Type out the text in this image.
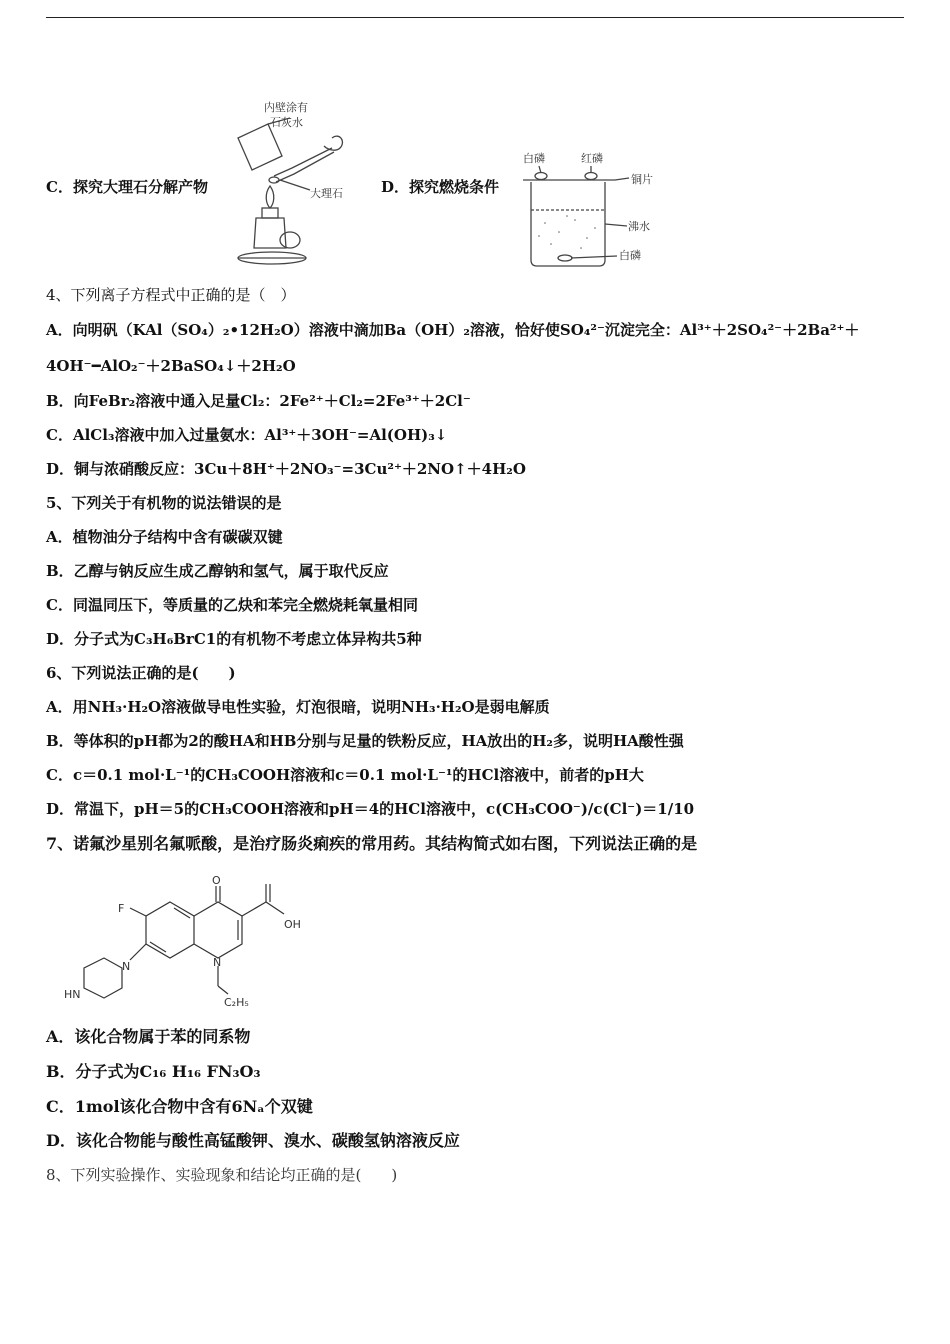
C．探究大理石分解产物
内壁涂有
石灰水
大理石	D．探究燃烧条件
白磷	红磷
铜片
沸水
白磷
4、下列离子方程式中正确的是（　）
A．向明矾（KAl（SO₄）₂•12H₂O）溶液中滴加Ba（OH）₂溶液，恰好使SO₄²⁻沉淀完全：Al³⁺＋2SO₄²⁻＋2Ba²⁺＋
4OH⁻━AlO₂⁻＋2BaSO₄↓＋2H₂O
B．向FeBr₂溶液中通入足量Cl₂：2Fe²⁺＋Cl₂=2Fe³⁺＋2Cl⁻
C．AlCl₃溶液中加入过量氨水：Al³⁺＋3OH⁻=Al(OH)₃↓
D．铜与浓硝酸反应：3Cu＋8H⁺＋2NO₃⁻=3Cu²⁺＋2NO↑＋4H₂O
5、下列关于有机物的说法错误的是
A．植物油分子结构中含有碳碳双键
B．乙醇与钠反应生成乙醇钠和氢气，属于取代反应
C．同温同压下，等质量的乙炔和苯完全燃烧耗氧量相同
D．分子式为C₃H₆BrC1的有机物不考虑立体异构共5种
6、下列说法正确的是(　　)
A．用NH₃·H₂O溶液做导电性实验，灯泡很暗，说明NH₃·H₂O是弱电解质
B．等体积的pH都为2的酸HA和HB分别与足量的铁粉反应，HA放出的H₂多，说明HA酸性强
C．c＝0.1 mol·L⁻¹的CH₃COOH溶液和c＝0.1 mol·L⁻¹的HCl溶液中，前者的pH大
D．常温下，pH＝5的CH₃COOH溶液和pH＝4的HCl溶液中，c(CH₃COO⁻)/c(Cl⁻)＝1/10
7、诺氟沙星别名氟哌酸，是治疗肠炎痢疾的常用药。其结构简式如右图，下列说法正确的是
O
F
OH
N
HN
N
C₂H₅
A．该化合物属于苯的同系物
B．分子式为C₁₆ H₁₆ FN₃O₃
C．1mol该化合物中含有6Nₐ个双键
D．该化合物能与酸性高锰酸钾、溴水、碳酸氢钠溶液反应
8、下列实验操作、实验现象和结论均正确的是(　　)
